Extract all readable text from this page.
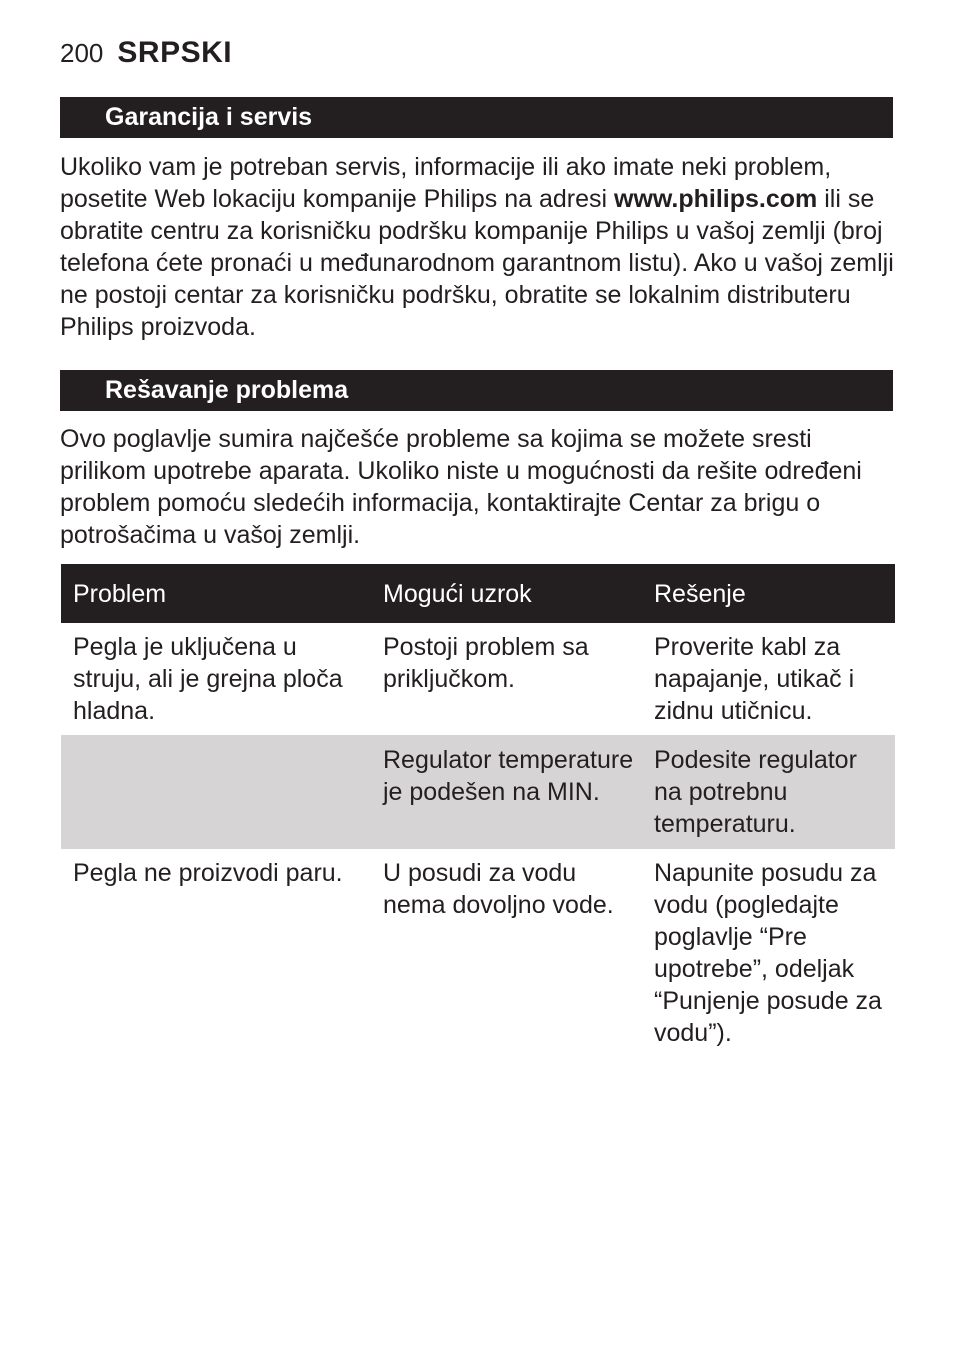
200 SRPSKI
Garancija i servis

Ukoliko vam je potreban servis, informacije ili ako imate neki problem, posetite Web lokaciju kompanije Philips na adresi www.philips.com ili se obratite centru za korisničku podršku kompanije Philips u vašoj zemlji (broj telefona ćete pronaći u međunarodnom garantnom listu). Ako u vašoj zemlji ne postoji centar za korisničku podršku, obratite se lokalnim distributeru Philips proizvoda.

Rešavanje problema

Ovo poglavlje sumira najčešće probleme sa kojima se možete sresti prilikom upotrebe aparata. Ukoliko niste u mogućnosti da rešite određeni problem pomoću sledećih informacija, kontaktirajte Centar za brigu o potrošačima u vašoj zemlji.

Problem	Mogući uzrok	Rešenje
Pegla je uključena u struju, ali je grejna ploča hladna.	Postoji problem sa priključkom.	Proverite kabl za napajanje, utikač i zidnu utičnicu.
	Regulator temperature je podešen na MIN.	Podesite regulator na potrebnu temperaturu.
Pegla ne proizvodi paru.	U posudi za vodu nema dovoljno vode.	Napunite posudu za vodu (pogledajte poglavlje “Pre upotrebe”, odeljak “Punjenje posude za vodu”).
